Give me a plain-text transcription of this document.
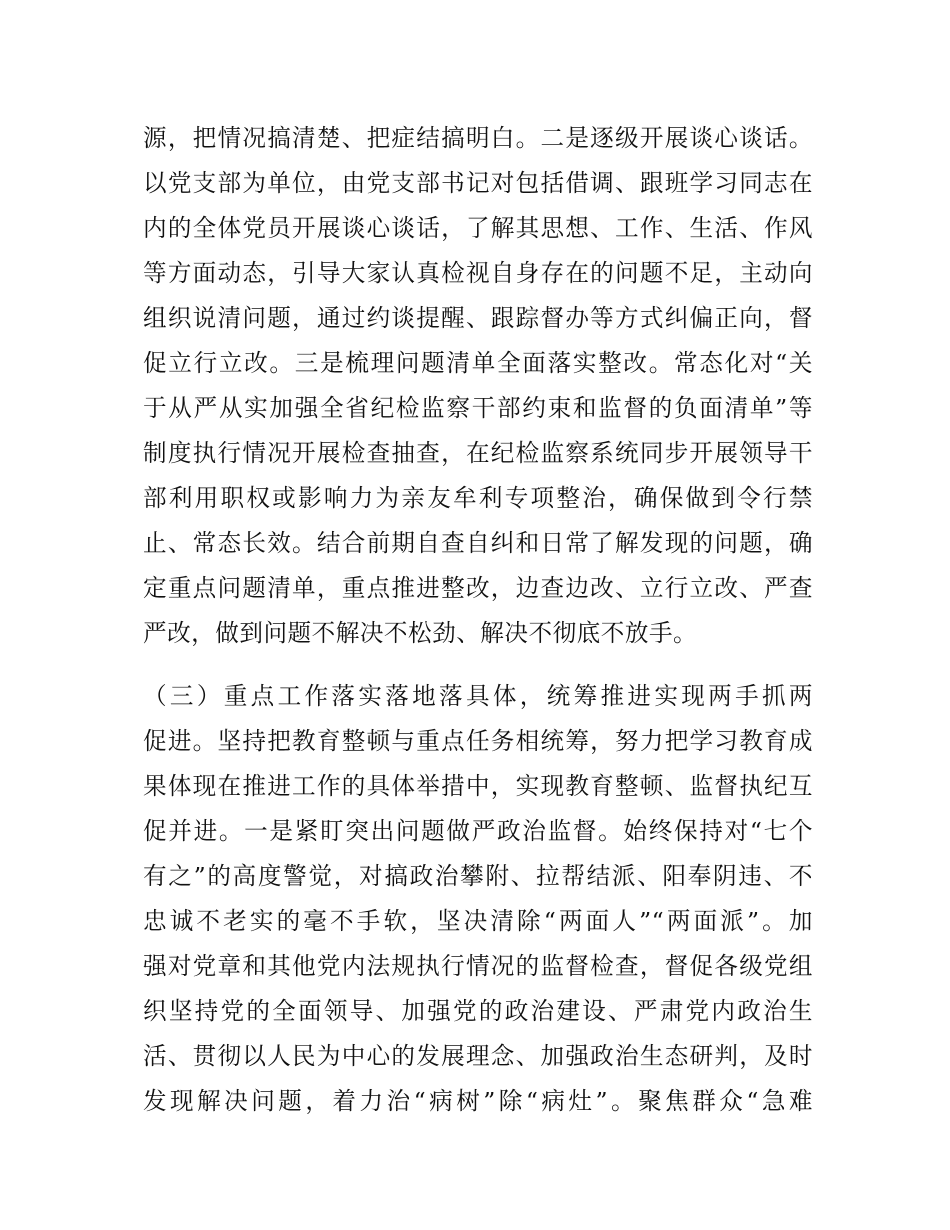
源，把情况搞清楚、把症结搞明白。二是逐级开展谈心谈话。
以党支部为单位，由党支部书记对包括借调、跟班学习同志在
内的全体党员开展谈心谈话，了解其思想、工作、生活、作风
等方面动态，引导大家认真检视自身存在的问题不足，主动向
组织说清问题，通过约谈提醒、跟踪督办等方式纠偏正向，督
促立行立改。三是梳理问题清单全面落实整改。常态化对“关
于从严从实加强全省纪检监察干部约束和监督的负面清单”等
制度执行情况开展检查抽查，在纪检监察系统同步开展领导干
部利用职权或影响力为亲友牟利专项整治，确保做到令行禁
止、常态长效。结合前期自查自纠和日常了解发现的问题，确
定重点问题清单，重点推进整改，边查边改、立行立改、严查
严改，做到问题不解决不松劲、解决不彻底不放手。
（三）重点工作落实落地落具体，统筹推进实现两手抓两
促进。坚持把教育整顿与重点任务相统筹，努力把学习教育成
果体现在推进工作的具体举措中，实现教育整顿、监督执纪互
促并进。一是紧盯突出问题做严政治监督。始终保持对“七个
有之”的高度警觉，对搞政治攀附、拉帮结派、阳奉阴违、不
忠诚不老实的毫不手软，坚决清除“两面人”“两面派”。加
强对党章和其他党内法规执行情况的监督检查，督促各级党组
织坚持党的全面领导、加强党的政治建设、严肃党内政治生
活、贯彻以人民为中心的发展理念、加强政治生态研判，及时
发现解决问题，着力治“病树”除“病灶”。聚焦群众“急难
